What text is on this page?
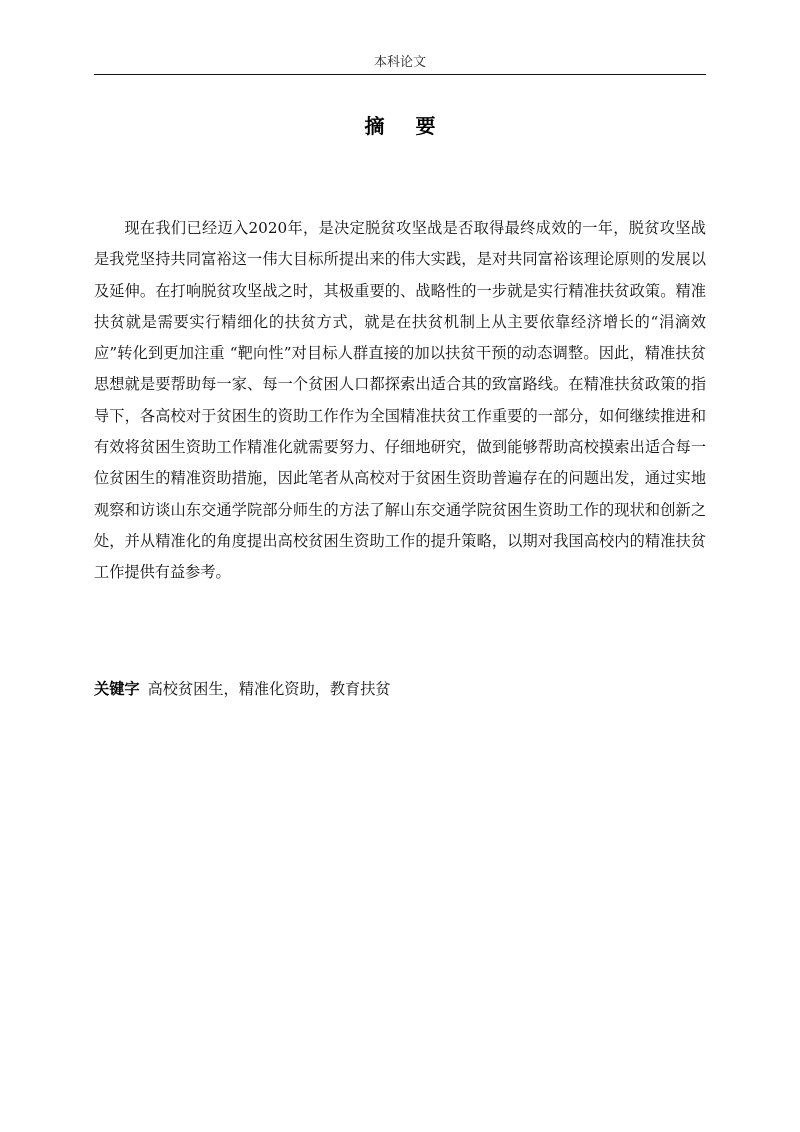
本科论文
摘 要

现在我们已经迈入2020年，是决定脱贫攻坚战是否取得最终成效的一年，脱贫攻坚战是我党坚持共同富裕这一伟大目标所提出来的伟大实践，是对共同富裕该理论原则的发展以及延伸。在打响脱贫攻坚战之时，其极重要的、战略性的一步就是实行精准扶贫政策。精准扶贫就是需要实行精细化的扶贫方式，就是在扶贫机制上从主要依靠经济增长的“涓滴效应”转化到更加注重 “靶向性”对目标人群直接的加以扶贫干预的动态调整。因此，精准扶贫思想就是要帮助每一家、每一个贫困人口都探索出适合其的致富路线。在精准扶贫政策的指导下，各高校对于贫困生的资助工作作为全国精准扶贫工作重要的一部分，如何继续推进和有效将贫困生资助工作精准化就需要努力、仔细地研究，做到能够帮助高校摸索出适合每一位贫困生的精准资助措施，因此笔者从高校对于贫困生资助普遍存在的问题出发，通过实地观察和访谈山东交通学院部分师生的方法了解山东交通学院贫困生资助工作的现状和创新之处，并从精准化的角度提出高校贫困生资助工作的提升策略，以期对我国高校内的精准扶贫工作提供有益参考。

关键字 高校贫困生，精准化资助，教育扶贫
